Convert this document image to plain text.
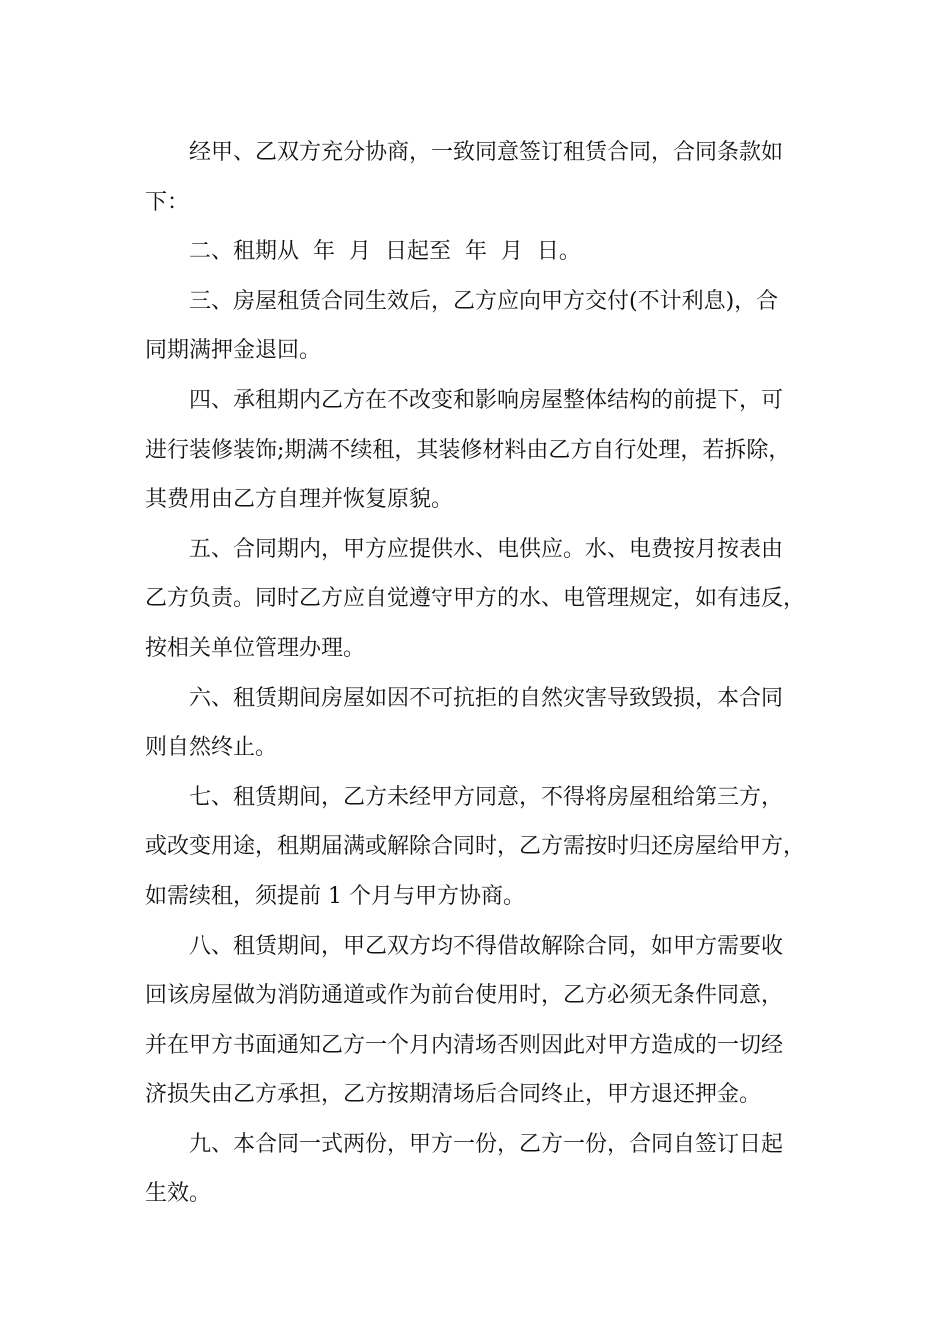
经甲、乙双方充分协商，一致同意签订租赁合同，合同条款如
下：

二、租期从  年  月  日起至  年  月  日。

三、房屋租赁合同生效后，乙方应向甲方交付(不计利息)，合
同期满押金退回。

四、承租期内乙方在不改变和影响房屋整体结构的前提下，可
进行装修装饰;期满不续租，其装修材料由乙方自行处理，若拆除，
其费用由乙方自理并恢复原貌。

五、合同期内，甲方应提供水、电供应。水、电费按月按表由
乙方负责。同时乙方应自觉遵守甲方的水、电管理规定，如有违反，
按相关单位管理办理。

六、租赁期间房屋如因不可抗拒的自然灾害导致毁损，本合同
则自然终止。

七、租赁期间，乙方未经甲方同意，不得将房屋租给第三方，
或改变用途，租期届满或解除合同时，乙方需按时归还房屋给甲方，
如需续租，须提前 1 个月与甲方协商。

八、租赁期间，甲乙双方均不得借故解除合同，如甲方需要收
回该房屋做为消防通道或作为前台使用时，乙方必须无条件同意，
并在甲方书面通知乙方一个月内清场否则因此对甲方造成的一切经
济损失由乙方承担，乙方按期清场后合同终止，甲方退还押金。

九、本合同一式两份，甲方一份，乙方一份，合同自签订日起
生效。
